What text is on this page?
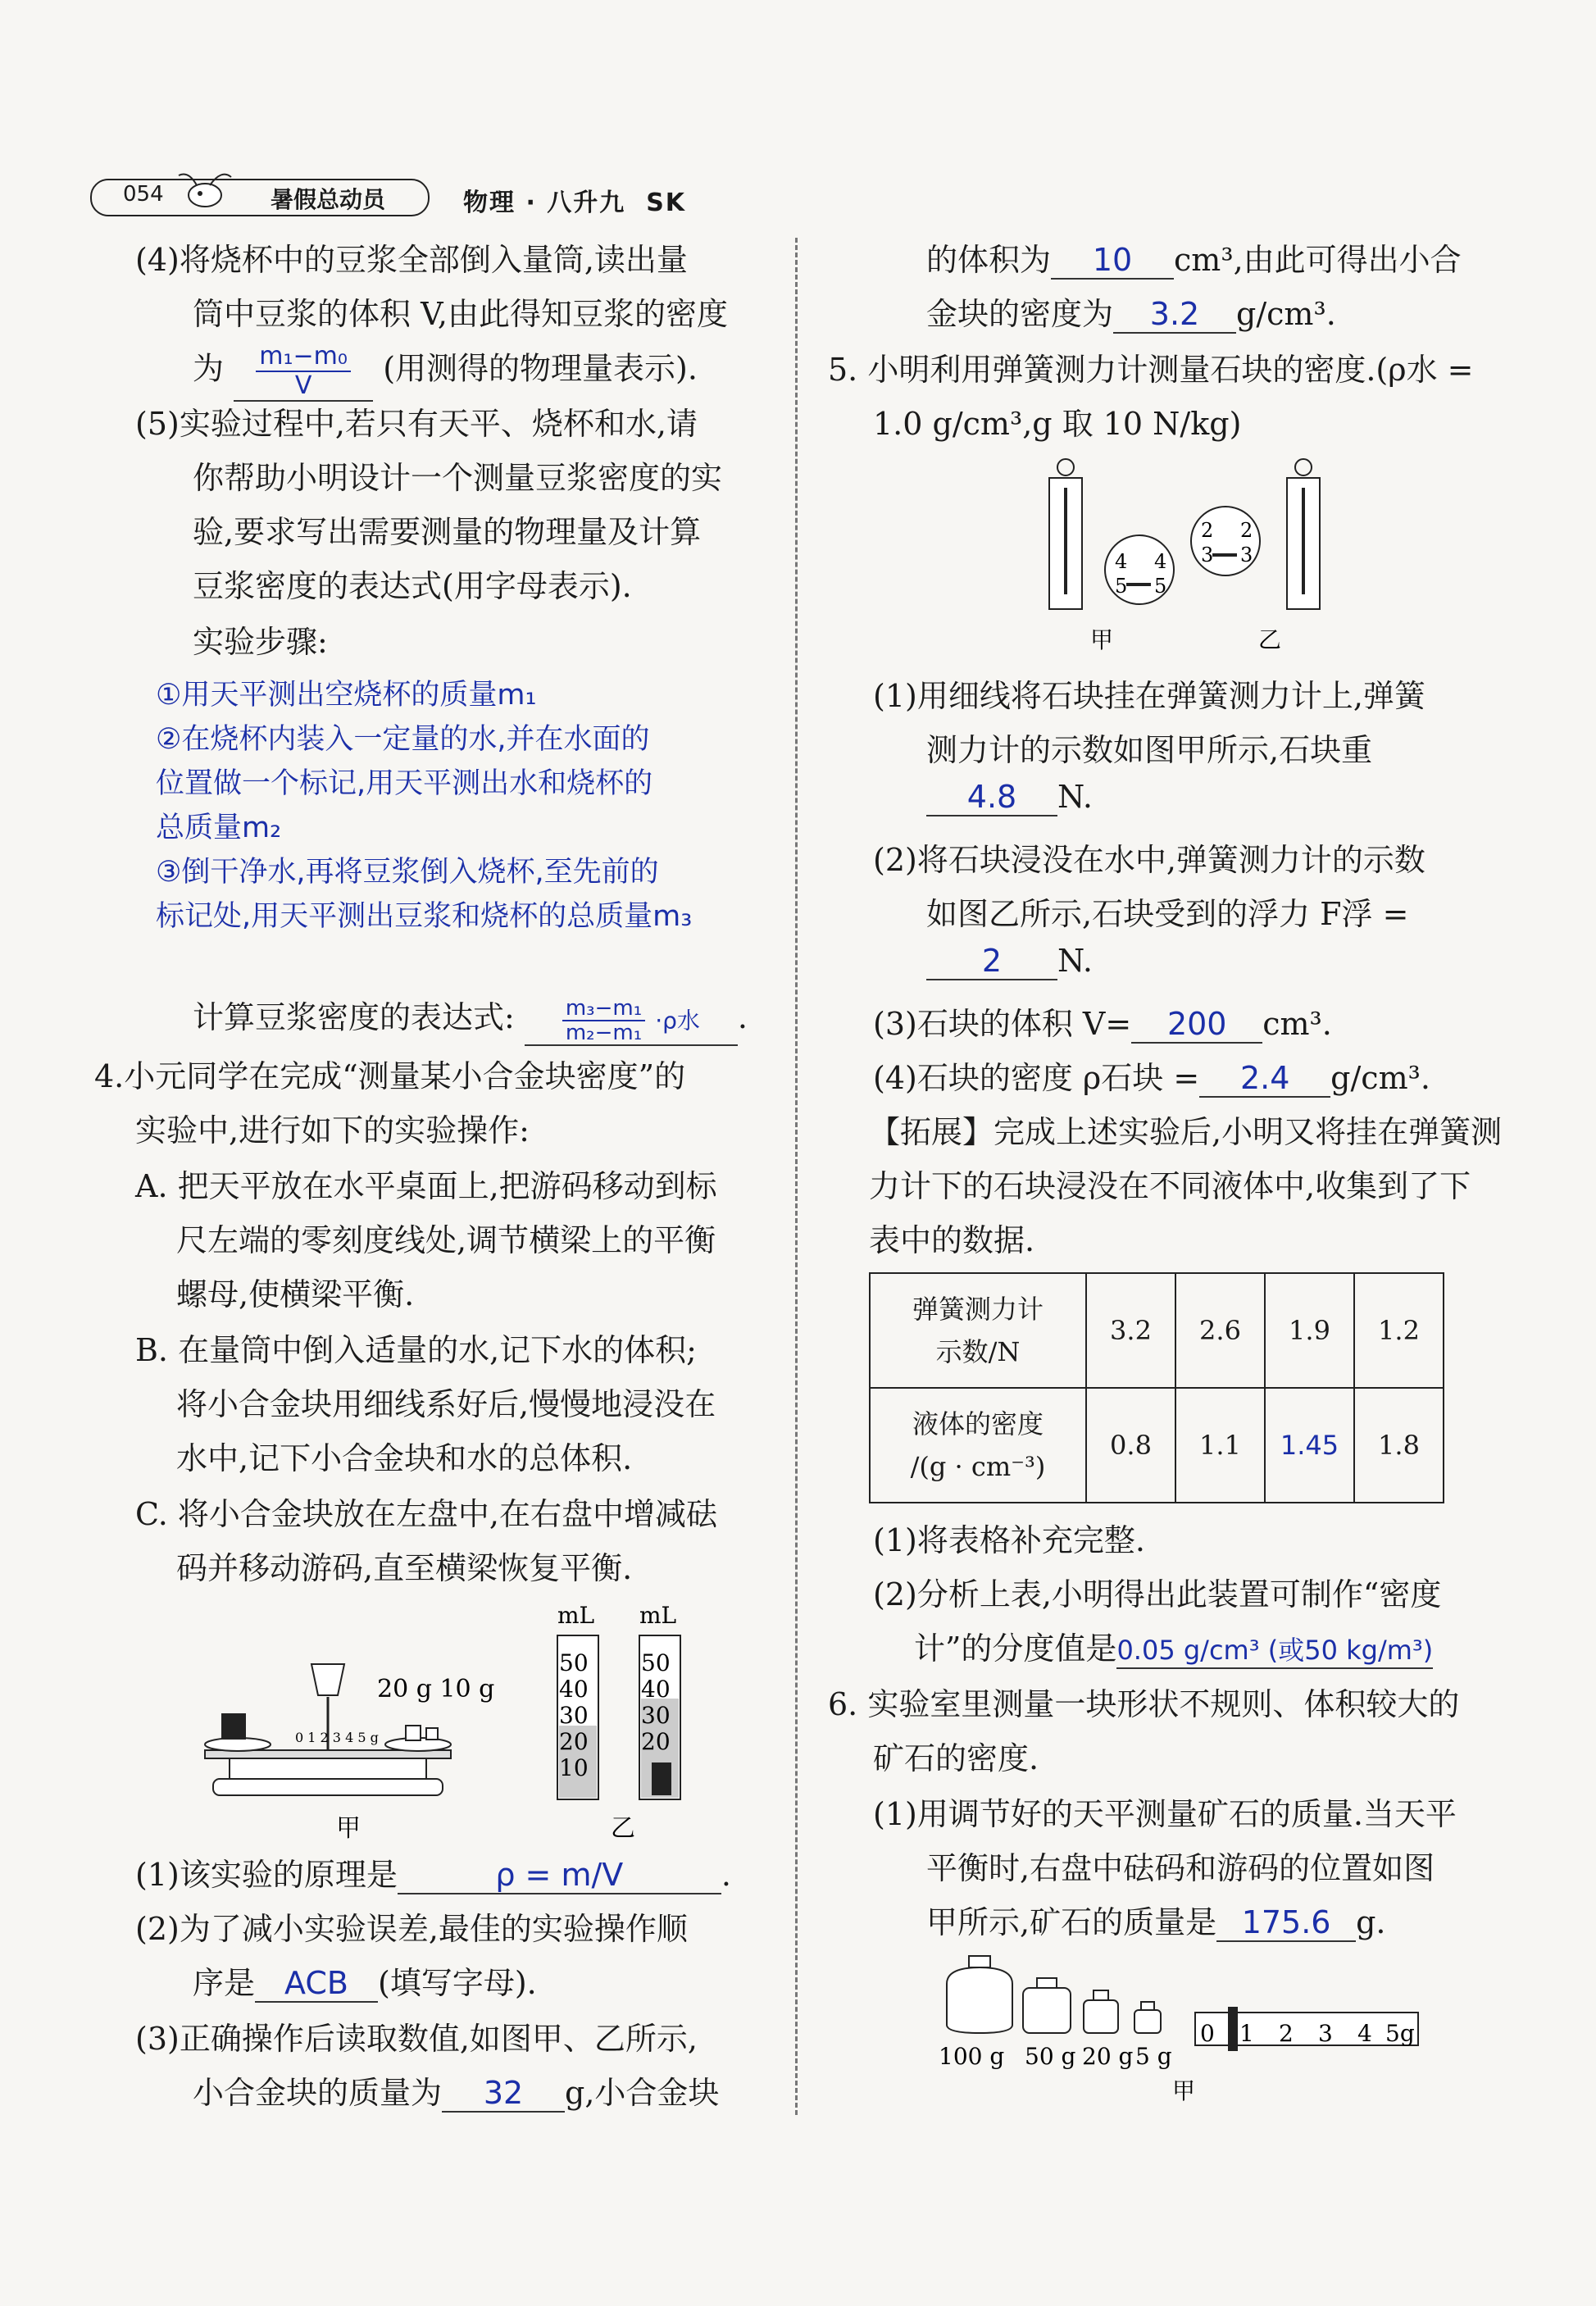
054	暑假总动员	物理 · 八升九 SK
(4)将烧杯中的豆浆全部倒入量筒,读出量
筒中豆浆的体积 V,由此得知豆浆的密度
为 $\frac{\text{m₁−m₀}}{V}$ (用测得的物理量表示).
(5)实验过程中,若只有天平、烧杯和水,请
你帮助小明设计一个测量豆浆密度的实
验,要求写出需要测量的物理量及计算
豆浆密度的表达式(用字母表示).
实验步骤:
①用天平测出空烧杯的质量m₁
②在烧杯内装入一定量的水,并在水面的
位置做一个标记,用天平测出水和烧杯的
总质量m₂
③倒干净水,再将豆浆倒入烧杯,至先前的
标记处,用天平测出豆浆和烧杯的总质量m₃
计算豆浆密度的表达式: $\frac{\text{m₃−m₁}}{\text{m₂−m₁}} \cdot\rho$水 .
4.小元同学在完成“测量某小合金块密度”的
实验中,进行如下的实验操作:
A. 把天平放在水平桌面上,把游码移动到标
尺左端的零刻度线处,调节横梁上的平衡
螺母,使横梁平衡.
B. 在量筒中倒入适量的水,记下水的体积;
将小合金块用细线系好后,慢慢地浸没在
水中,记下小合金块和水的总体积.
C. 将小合金块放在左盘中,在右盘中增减砝
码并移动游码,直至横梁恢复平衡.
0 1 2 3 4 5 g
20 g 10 g
甲
mL
50
40
30
20
10
mL
50
40
30
20
乙
(1)该实验的原理是	ρ = m/V	.
(2)为了减小实验误差,最佳的实验操作顺
序是 ACB (填写字母).
(3)正确操作后读取数值,如图甲、乙所示,
小合金块的质量为 32 g,小合金块
的体积为 10 cm³,由此可得出小合
金块的密度为 3.2 g/cm³.
5. 小明利用弹簧测力计测量石块的密度.(ρ水 =
1.0 g/cm³,g 取 10 N/kg)
4 4
5 5
甲
2 2
3 3
乙
(1)用细线将石块挂在弹簧测力计上,弹簧
测力计的示数如图甲所示,石块重
4.8 N.
(2)将石块浸没在水中,弹簧测力计的示数
如图乙所示,石块受到的浮力 F浮 =
2 N.
(3)石块的体积 V= 200 cm³.
(4)石块的密度 ρ石块 = 2.4 g/cm³.
【拓展】完成上述实验后,小明又将挂在弹簧测
力计下的石块浸没在不同液体中,收集到了下
表中的数据.
弹簧测力计
示数/N	3.2	2.6	1.9	1.2
液体的密度
/(g · cm⁻³)	0.8	1.1	1.45	1.8
(1)将表格补充完整.
(2)分析上表,小明得出此装置可制作“密度
计”的分度值是0.05 g/cm³ (或50 kg/m³)
6. 实验室里测量一块形状不规则、体积较大的
矿石的密度.
(1)用调节好的天平测量矿石的质量.当天平
平衡时,右盘中砝码和游码的位置如图
甲所示,矿石的质量是 175.6 g.
100 g 50 g 20 g 5 g
0 1 2 3 4 5g
甲
